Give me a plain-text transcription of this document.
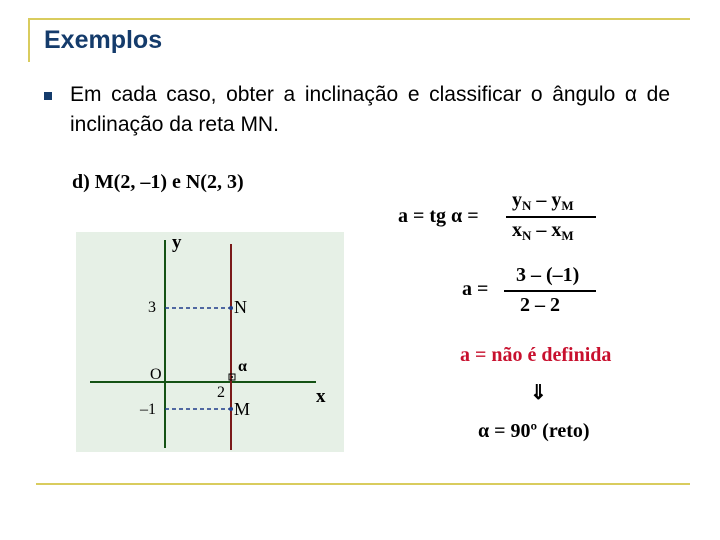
Exemplos
Em cada caso, obter a inclinação e classificar o ângulo α de inclinação da reta MN.
d) M(2, –1) e N(2, 3)
y
x
O
3
–1
2
N
M
α
a = tg α =
$y_N - y_M$
$x_N - x_M$
a =
3 – (–1)
2 – 2
a = não é definida
⇓
α = 90º (reto)
